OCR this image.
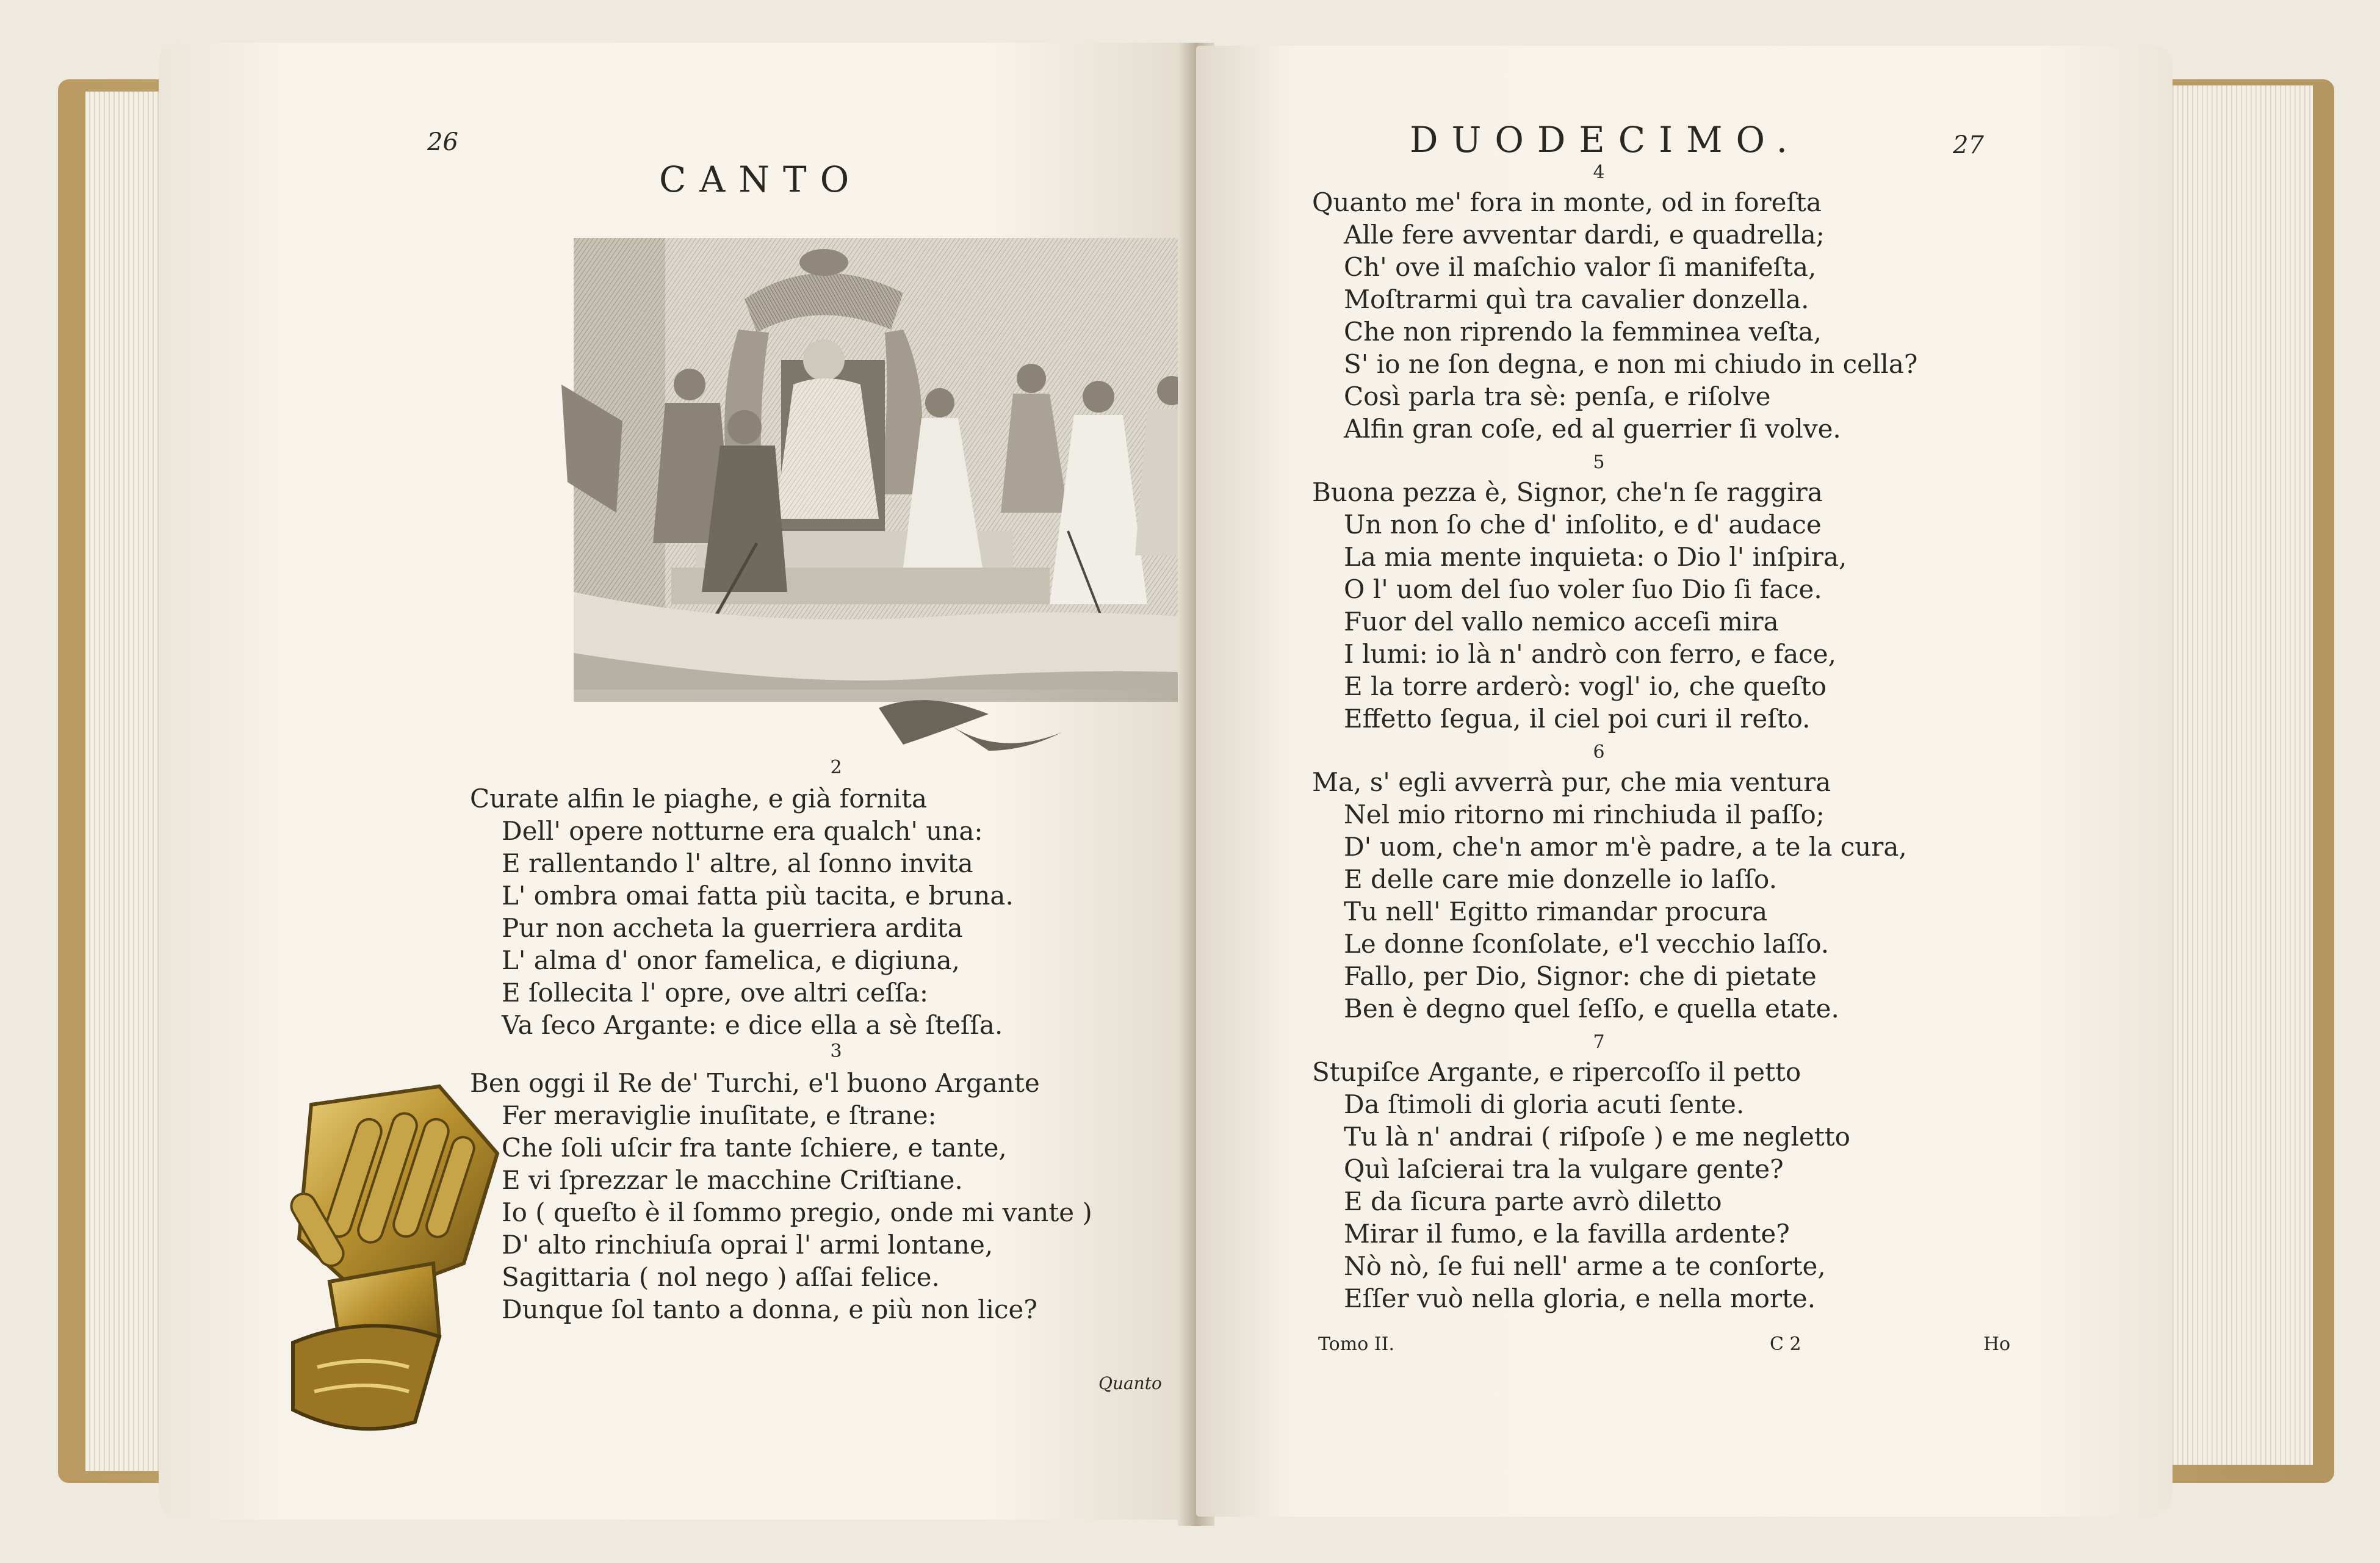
26
CANTO
2
Curate alfin le piaghe, e già fornita
Dell' opere notturne era qualch' una:
E rallentando l' altre, al ſonno invita
L' ombra omai fatta più tacita, e bruna.
Pur non accheta la guerriera ardita
L' alma d' onor famelica, e digiuna,
E ſollecita l' opre, ove altri ceſſa:
Va ſeco Argante: e dice ella a sè ſteſſa.
3
Ben oggi il Re de' Turchi, e'l buono Argante
Fer meraviglie inuſitate, e ſtrane:
Che ſoli uſcir fra tante ſchiere, e tante,
E vi ſprezzar le macchine Criſtiane.
Io ( queſto è il ſommo pregio, onde mi vante )
D' alto rinchiuſa oprai l' armi lontane,
Sagittaria ( nol nego ) aſſai felice.
Dunque ſol tanto a donna, e più non lice?
Quanto
DUODECIMO.	27
4
Quanto me' fora in monte, od in foreſta
Alle fere avventar dardi, e quadrella;
Ch' ove il maſchio valor ſi manifeſta,
Moſtrarmi quì tra cavalier donzella.
Che non riprendo la femminea veſta,
S' io ne ſon degna, e non mi chiudo in cella?
Così parla tra sè: penſa, e riſolve
Alfin gran coſe, ed al guerrier ſi volve.
5
Buona pezza è, Signor, che'n ſe raggira
Un non ſo che d' inſolito, e d' audace
La mia mente inquieta: o Dio l' inſpira,
O l' uom del ſuo voler ſuo Dio ſi face.
Fuor del vallo nemico acceſi mira
I lumi: io là n' andrò con ferro, e face,
E la torre arderò: vogl' io, che queſto
Effetto ſegua, il ciel poi curi il reſto.
6
Ma, s' egli avverrà pur, che mia ventura
Nel mio ritorno mi rinchiuda il paſſo;
D' uom, che'n amor m'è padre, a te la cura,
E delle care mie donzelle io laſſo.
Tu nell' Egitto rimandar procura
Le donne ſconſolate, e'l vecchio laſſo.
Fallo, per Dio, Signor: che di pietate
Ben è degno quel ſeſſo, e quella etate.
7
Stupiſce Argante, e ripercoſſo il petto
Da ſtimoli di gloria acuti ſente.
Tu là n' andrai ( riſpoſe ) e me negletto
Quì laſcierai tra la vulgare gente?
E da ſicura parte avrò diletto
Mirar il fumo, e la favilla ardente?
Nò nò, ſe fui nell' arme a te conſorte,
Eſſer vuò nella gloria, e nella morte.
Tomo II.	C 2	Ho
